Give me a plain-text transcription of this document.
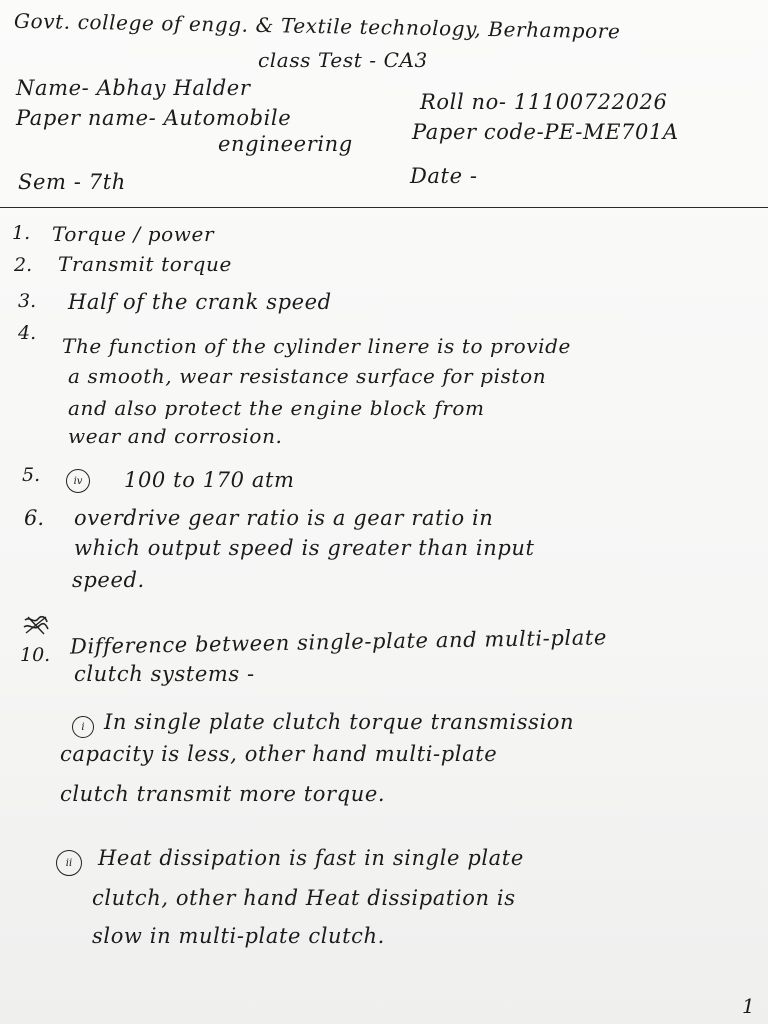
Govt. college of engg. & Textile technology, Berhampore
class Test - CA3
Name- Abhay Halder
Roll no- 11100722026
Paper name- Automobile
engineering	Paper code-PE-ME701A
Sem - 7th	Date -
1. Torque / power
2. Transmit torque
3. Half of the crank speed
4.
The function of the cylinder linere is to provide
a smooth, wear resistance surface for piston
and also protect the engine block from
wear and corrosion.
5.	iv	100 to 170 atm
6. overdrive gear ratio is a gear ratio in
which output speed is greater than input
speed.
10. Difference between single-plate and multi-plate
clutch systems -
i In single plate clutch torque transmission
capacity is less, other hand multi-plate
clutch transmit more torque.
ii	Heat dissipation is fast in single plate
clutch, other hand Heat dissipation is
slow in multi-plate clutch.
1
